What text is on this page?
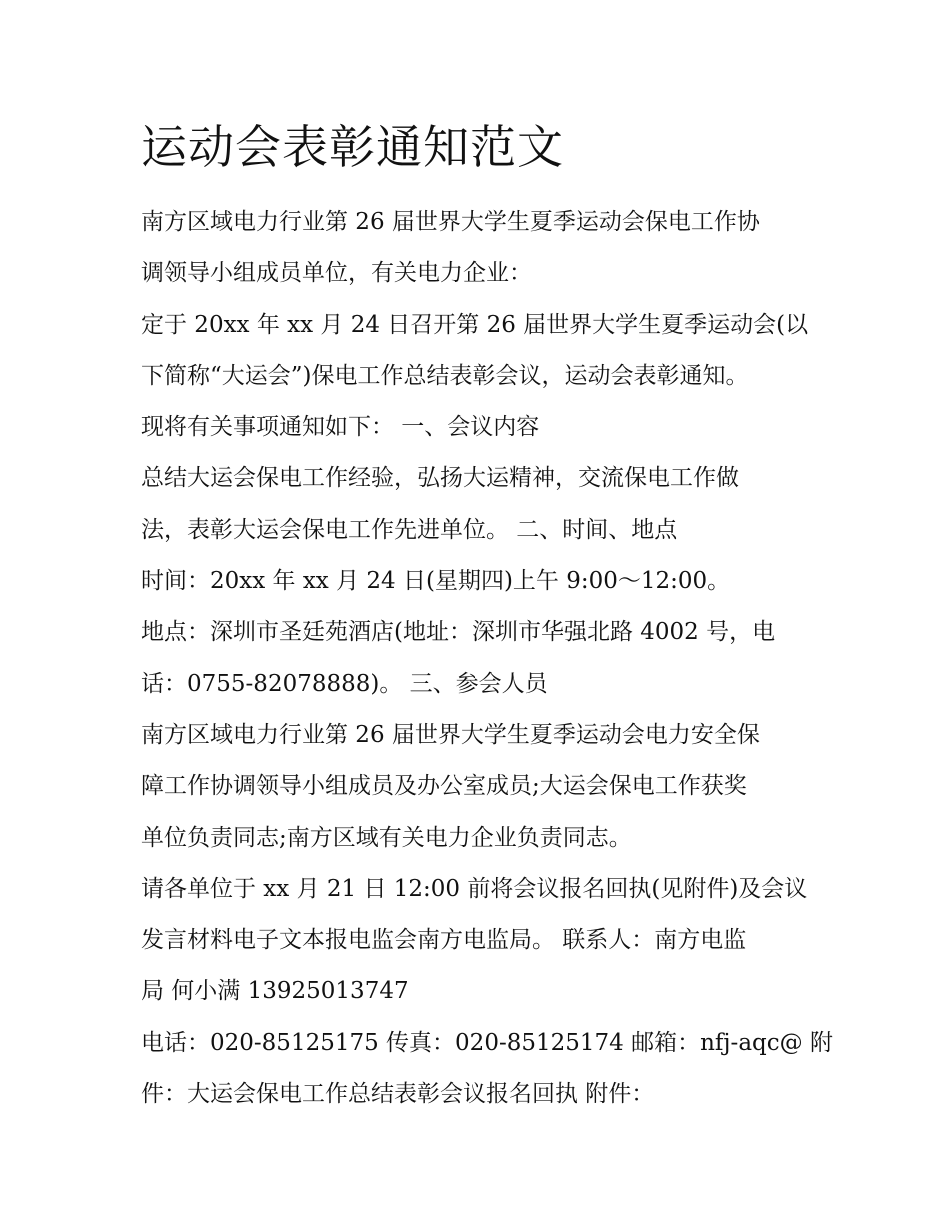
运动会表彰通知范文
南方区域电力行业第 26 届世界大学生夏季运动会保电工作协
调领导小组成员单位，有关电力企业：
定于 20xx 年 xx 月 24 日召开第 26 届世界大学生夏季运动会(以
下简称“大运会”)保电工作总结表彰会议，运动会表彰通知。
现将有关事项通知如下： 一、会议内容
总结大运会保电工作经验，弘扬大运精神，交流保电工作做
法，表彰大运会保电工作先进单位。 二、时间、地点
时间：20xx 年 xx 月 24 日(星期四)上午 9:00～12:00。
地点：深圳市圣廷苑酒店(地址：深圳市华强北路 4002 号，电
话：0755-82078888)。 三、参会人员
南方区域电力行业第 26 届世界大学生夏季运动会电力安全保
障工作协调领导小组成员及办公室成员;大运会保电工作获奖
单位负责同志;南方区域有关电力企业负责同志。
请各单位于 xx 月 21 日 12:00 前将会议报名回执(见附件)及会议
发言材料电子文本报电监会南方电监局。 联系人：南方电监
局 何小满 13925013747
电话：020-85125175 传真：020-85125174 邮箱：nfj-aqc@ 附
件：大运会保电工作总结表彰会议报名回执 附件：
